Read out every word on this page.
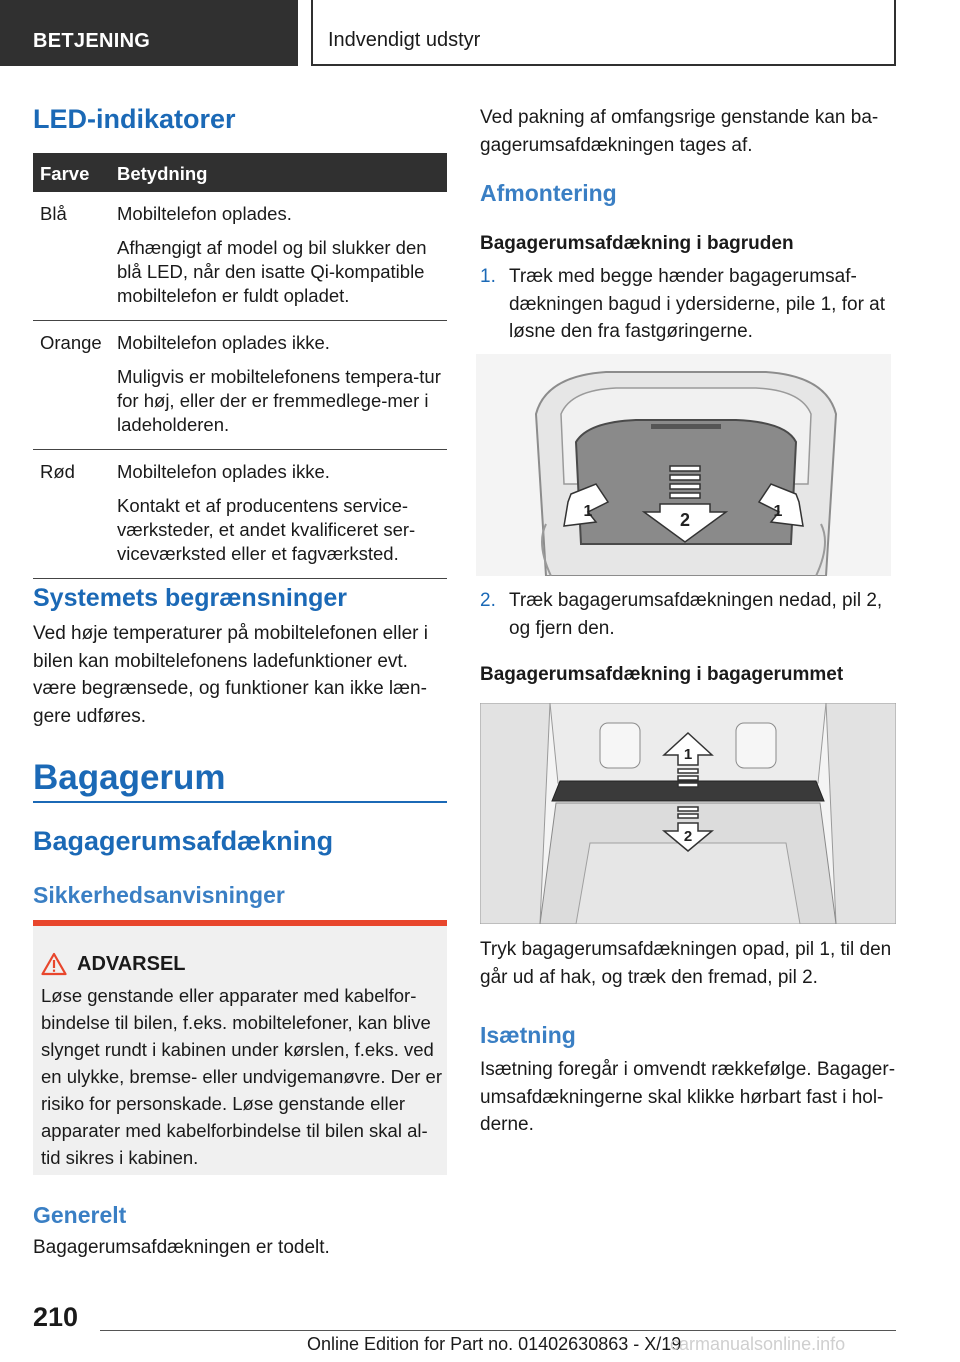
BETJENING	Indvendigt udstyr
LED-indikatorer
Farve Betydning
Blå	Mobiltelefon oplades.

Afhængigt af model og bil slukker den blå LED, når den isatte Qi-kompatible mobiltelefon er fuldt opladet.

Orange Mobiltelefon oplades ikke.

Muligvis er mobiltelefonens tempera-tur for høj, eller der er fremmedlege-mer i ladeholderen.

Rød Mobiltelefon oplades ikke.

Kontakt et af producentens service-værksteder, et andet kvalificeret ser-viceværksted eller et fagværksted.

Systemets begrænsninger

Ved høje temperaturer på mobiltelefonen eller i bilen kan mobiltelefonens ladefunktioner evt. være begrænsede, og funktioner kan ikke læn-gere udføres.

Bagagerum
Bagagerumsafdækning
Sikkerhedsanvisninger
ADVARSEL

Løse genstande eller apparater med kabelfor-bindelse til bilen, f.eks. mobiltelefoner, kan blive slynget rundt i kabinen under kørslen, f.eks. ved en ulykke, bremse- eller undvigemanøvre. Der er risiko for personskade. Løse genstande eller apparater med kabelforbindelse til bilen skal al-tid sikres i kabinen.

Generelt

Bagagerumsafdækningen er todelt.

Ved pakning af omfangsrige genstande kan ba-gagerumsafdækningen tages af.

Afmontering
Bagagerumsafdækning i bagruden
1. Træk med begge hænder bagagerumsaf-dækningen bagud i ydersiderne, pile 1, for at løsne den fra fastgøringerne.
2
1	1
2. Træk bagagerumsafdækningen nedad, pil 2, og fjern den.
Bagagerumsafdækning i bagagerummet
1
2

Tryk bagagerumsafdækningen opad, pil 1, til den går ud af hak, og træk den fremad, pil 2.

Isætning

Isætning foregår i omvendt rækkefølge. Bagager-umsafdækningerne skal klikke hørbart fast i hol-derne.

210
Online Edition for Part no. 01402630863 - X/19
carmanualsonline.info
